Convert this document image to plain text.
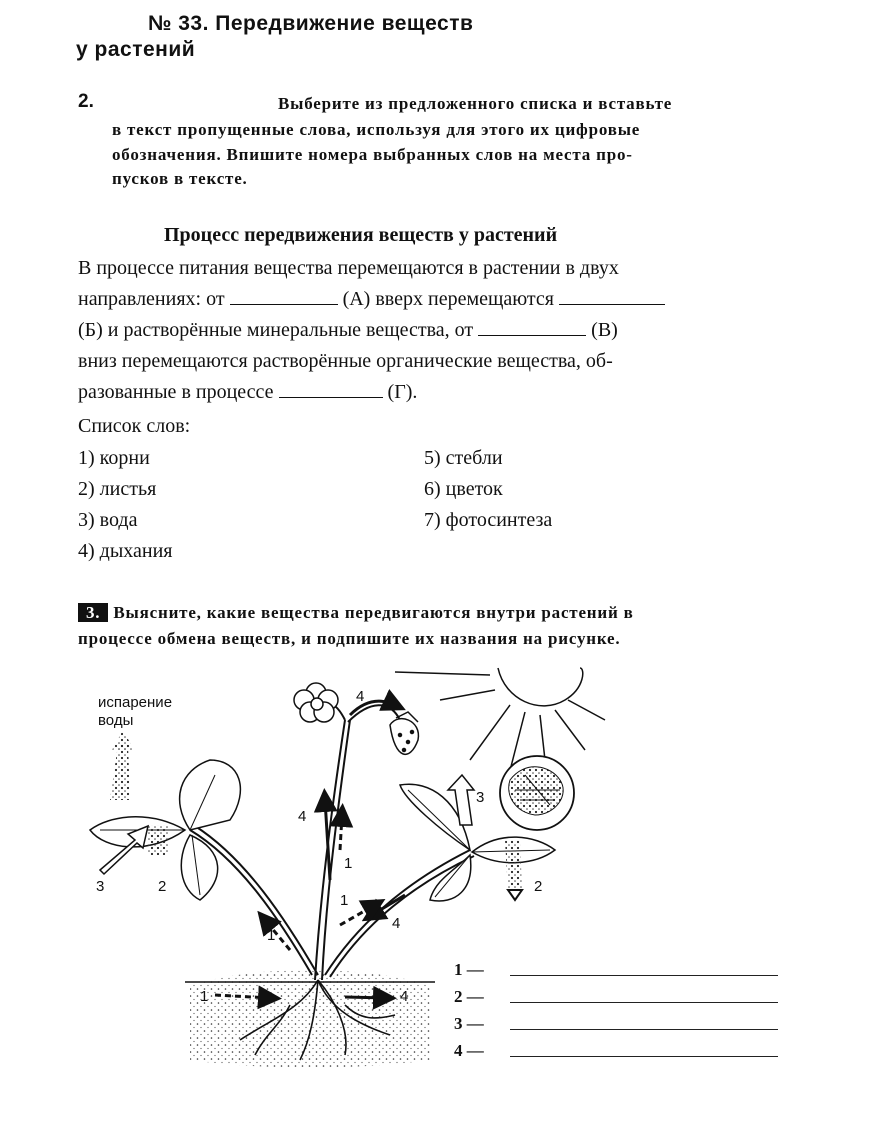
№ 33. Передвижение веществ
у растений
2.	Выберите из предложенного списка и вставьте
в текст пропущенные слова, используя для этого их цифровые
обозначения. Впишите номера выбранных слов на места про-
пусков в тексте.
Процесс передвижения веществ у растений
В процессе питания вещества перемещаются в растении в двух
направлениях: от	(А) вверх перемещаются
(Б) и растворённые минеральные вещества, от	(В)
вниз перемещаются растворённые органические вещества, об-
разованные в процессе	(Г).
Список слов:
1) корни
2) листья
3) вода
4) дыхания
5) стебли
6) цветок
7) фотосинтеза
3. Выясните, какие вещества передвигаются внутри растений в
процессе обмена веществ, и подпишите их названия на рисунке.
испарение
воды
3	2
4
4
1
1
1
4
1	4
3
2
1 —
2 —
3 —
4 —
